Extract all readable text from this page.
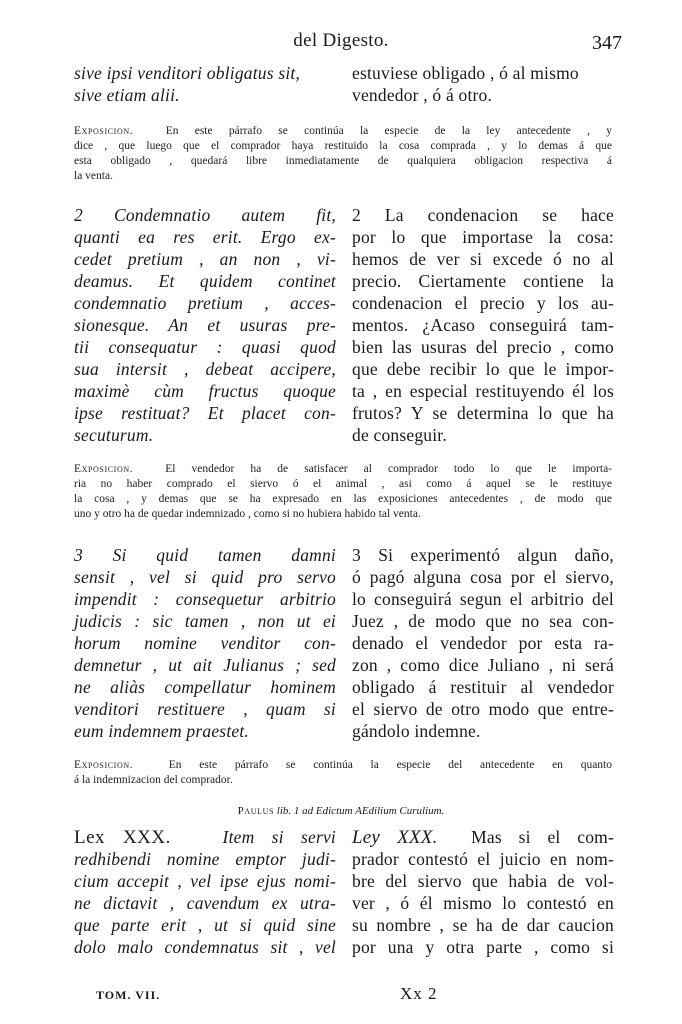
del Digesto.	347
sive ipsi venditori obligatus sit,
sive etiam alii.
estuviese obligado , ó al mismo
vendedor , ó á otro.
Exposicion.	En este párrafo se continúa la especie de la ley antecedente , y
dice , que luego que el comprador haya restituido la cosa comprada , y lo demas á que
esta obligado , quedará libre inmediatamente de qualquiera obligacion respectiva á
la venta.
2 Condemnatio autem fit,
quanti ea res erit. Ergo ex-
cedet pretium , an non , vi-
deamus. Et quidem continet
condemnatio pretium , acces-
sionesque. An et usuras pre-
tii consequatur : quasi quod
sua intersit , debeat accipere,
maximè cùm fructus quoque
ipse restituat? Et placet con-
secuturum.
2 La condenacion se hace
por lo que importase la cosa:
hemos de ver si excede ó no al
precio. Ciertamente contiene la
condenacion el precio y los au-
mentos. ¿Acaso conseguirá tam-
bien las usuras del precio , como
que debe recibir lo que le impor-
ta , en especial restituyendo él los
frutos? Y se determina lo que ha
de conseguir.
Exposicion.	El vendedor ha de satisfacer al comprador todo lo que le importa-
ria no haber comprado el siervo ó el animal , asi como á aquel se le restituye
la cosa , y demas que se ha expresado en las exposiciones antecedentes , de modo que
uno y otro ha de quedar indemnizado , como si no hubiera habido tal venta.
3 Si quid tamen damni
sensit , vel si quid pro servo
impendit : consequetur arbitrio
judicis : sic tamen , non ut ei
horum nomine venditor con-
demnetur , ut ait Julianus ; sed
ne aliàs compellatur hominem
venditori restituere , quam si
eum indemnem praestet.
3 Si experimentó algun daño,
ó pagó alguna cosa por el siervo,
lo conseguirá segun el arbitrio del
Juez , de modo que no sea con-
denado el vendedor por esta ra-
zon , como dice Juliano , ni será
obligado á restituir al vendedor
el siervo de otro modo que entre-
gándolo indemne.
Exposicion.	En este párrafo se continúa la especie del antecedente en quanto
á la indemnizacion del comprador.
Paulus lib. 1 ad Edictum AEdilium Curulium.
Lex XXX.	Item si servi
redhibendi nomine emptor judi-
cium accepit , vel ipse ejus nomi-
ne dictavit , cavendum ex utra-
que parte erit , ut si quid sine
dolo malo condemnatus sit , vel
Ley XXX. Mas si el com-
prador contestó el juicio en nom-
bre del siervo que habia de vol-
ver , ó él mismo lo contestó en
su nombre , se ha de dar caucion
por una y otra parte , como si
TOM. VII.	Xx 2
